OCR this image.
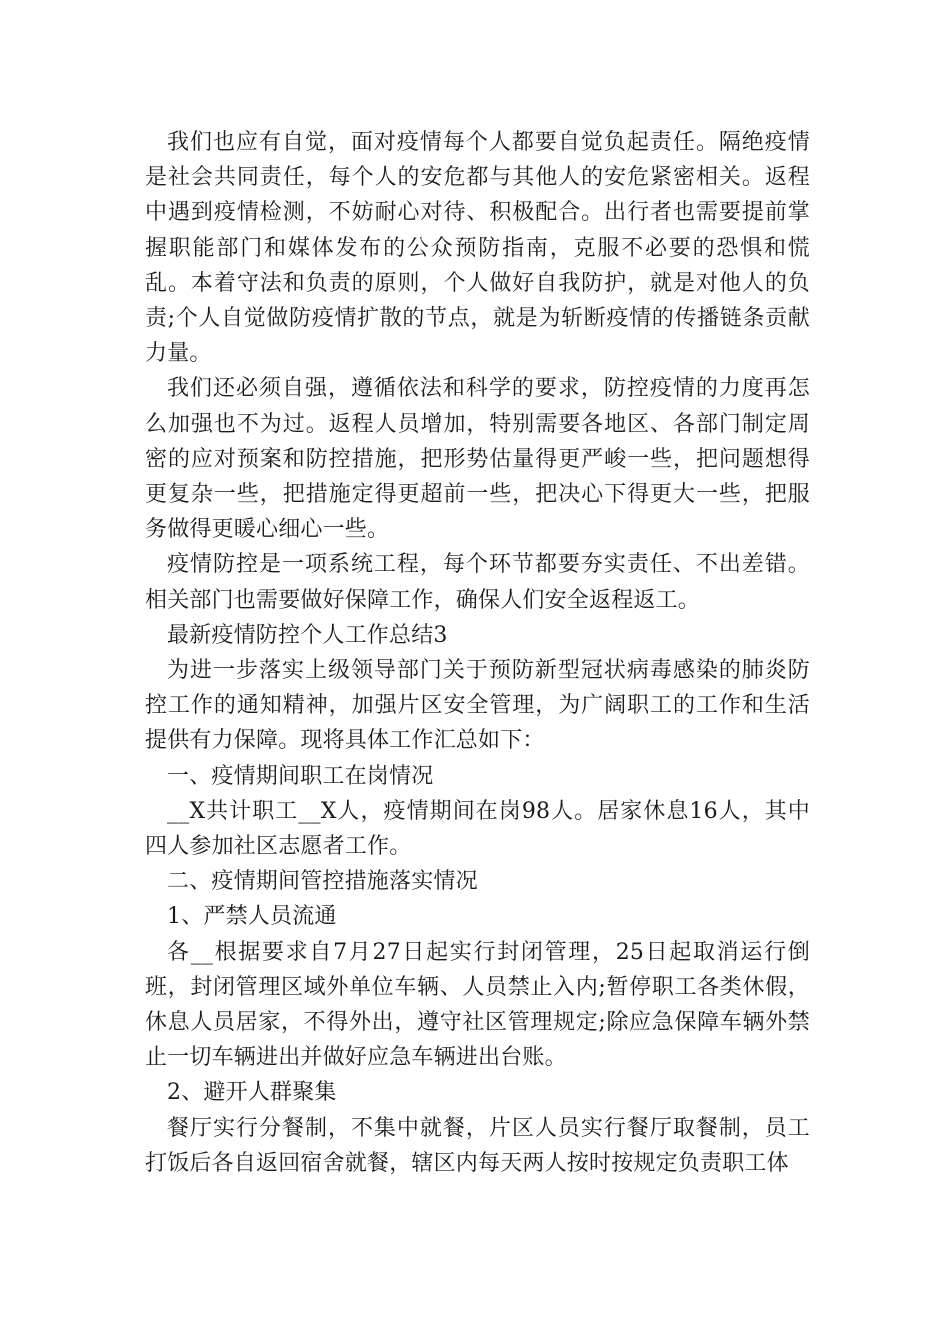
我们也应有自觉，面对疫情每个人都要自觉负起责任。隔绝疫情是社会共同责任，每个人的安危都与其他人的安危紧密相关。返程中遇到疫情检测，不妨耐心对待、积极配合。出行者也需要提前掌握职能部门和媒体发布的公众预防指南，克服不必要的恐惧和慌乱。本着守法和负责的原则，个人做好自我防护，就是对他人的负责;个人自觉做防疫情扩散的节点，就是为斩断疫情的传播链条贡献力量。

我们还必须自强，遵循依法和科学的要求，防控疫情的力度再怎么加强也不为过。返程人员增加，特别需要各地区、各部门制定周密的应对预案和防控措施，把形势估量得更严峻一些，把问题想得更复杂一些，把措施定得更超前一些，把决心下得更大一些，把服务做得更暖心细心一些。

疫情防控是一项系统工程，每个环节都要夯实责任、不出差错。相关部门也需要做好保障工作，确保人们安全返程返工。

最新疫情防控个人工作总结3

为进一步落实上级领导部门关于预防新型冠状病毒感染的肺炎防控工作的通知精神，加强片区安全管理，为广阔职工的工作和生活提供有力保障。现将具体工作汇总如下：

一、疫情期间职工在岗情况

__X共计职工__X人，疫情期间在岗98人。居家休息16人，其中四人参加社区志愿者工作。

二、疫情期间管控措施落实情况

1、严禁人员流通

各__根据要求自7月27日起实行封闭管理，25日起取消运行倒班，封闭管理区域外单位车辆、人员禁止入内;暂停职工各类休假，休息人员居家，不得外出，遵守社区管理规定;除应急保障车辆外禁止一切车辆进出并做好应急车辆进出台账。

2、避开人群聚集

餐厅实行分餐制，不集中就餐，片区人员实行餐厅取餐制，员工打饭后各自返回宿舍就餐，辖区内每天两人按时按规定负责职工体
